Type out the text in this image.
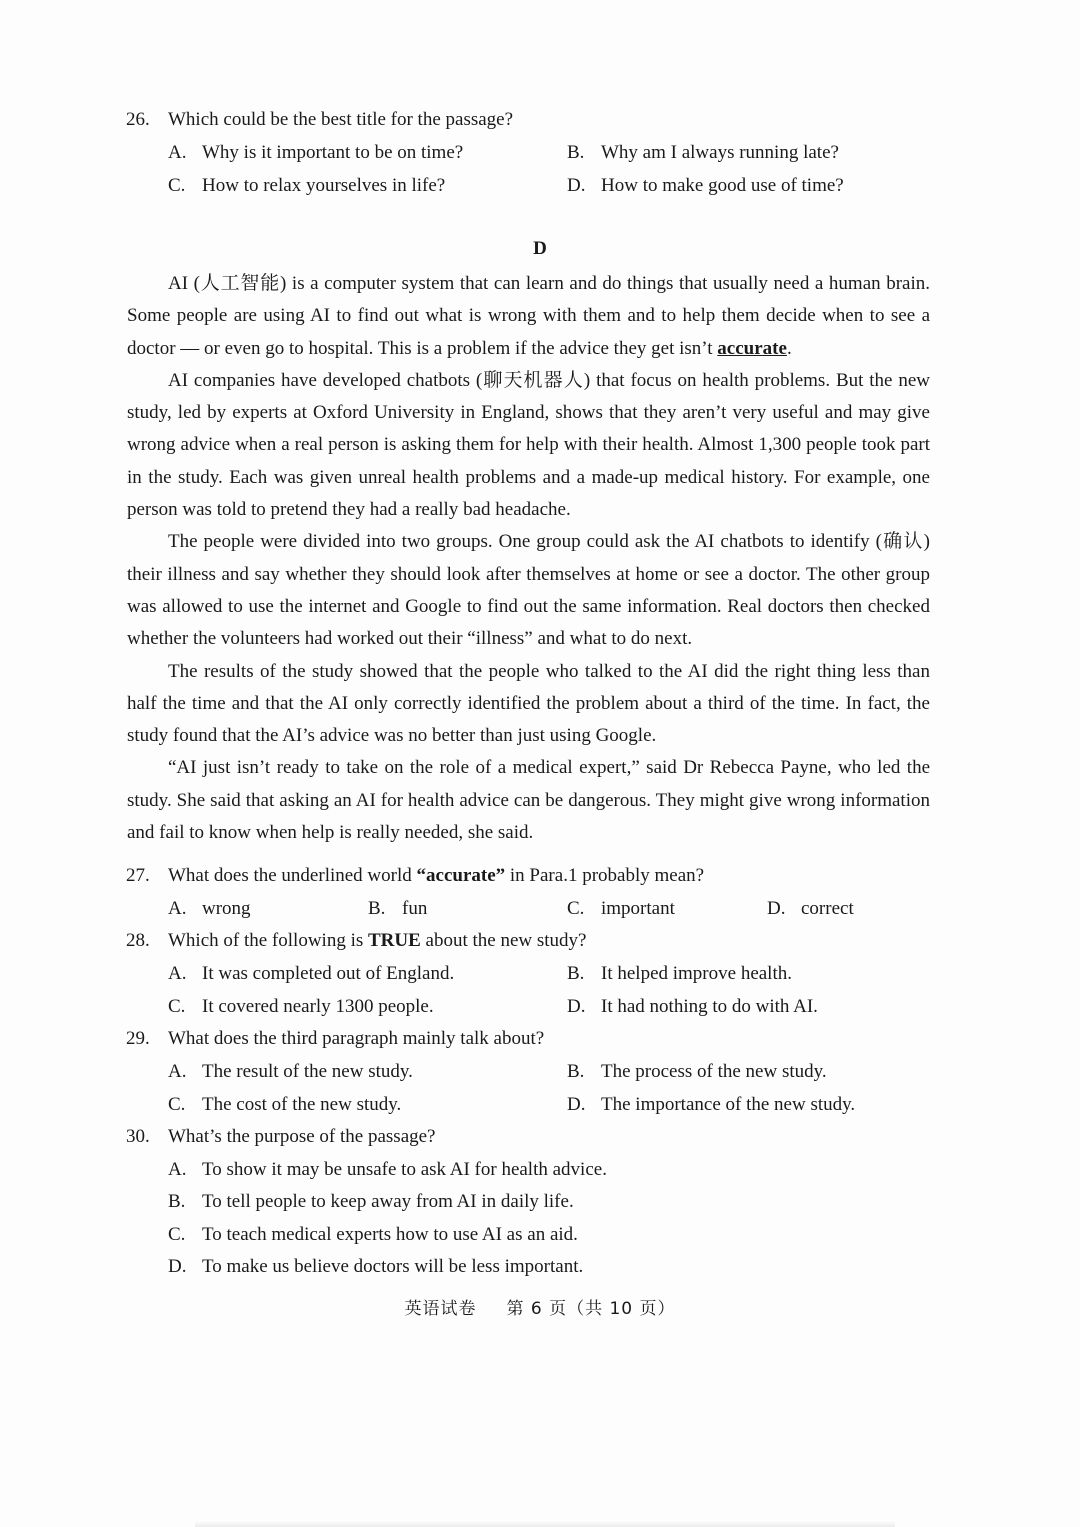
26. Which could be the best title for the passage?
A. Why is it important to be on time?	B. Why am I always running late?
C. How to relax yourselves in life?	D. How to make good use of time?
D

AI (人工智能) is a computer system that can learn and do things that usually need a human brain. Some people are using AI to find out what is wrong with them and to help them decide when to see a doctor — or even go to hospital. This is a problem if the advice they get isn’t accurate.

AI companies have developed chatbots (聊天机器人) that focus on health problems. But the new study, led by experts at Oxford University in England, shows that they aren’t very useful and may give wrong advice when a real person is asking them for help with their health. Almost 1,300 people took part in the study. Each was given unreal health problems and a made-up medical history. For example, one person was told to pretend they had a really bad headache.

The people were divided into two groups. One group could ask the AI chatbots to identify (确认) their illness and say whether they should look after themselves at home or see a doctor. The other group was allowed to use the internet and Google to find out the same information. Real doctors then checked whether the volunteers had worked out their “illness” and what to do next.

The results of the study showed that the people who talked to the AI did the right thing less than half the time and that the AI only correctly identified the problem about a third of the time. In fact, the study found that the AI’s advice was no better than just using Google.

“AI just isn’t ready to take on the role of a medical expert,” said Dr Rebecca Payne, who led the study. She said that asking an AI for health advice can be dangerous. They might give wrong information and fail to know when help is really needed, she said.

27. What does the underlined world “accurate” in Para.1 probably mean?
A. wrong	B. fun	C. important	D. correct
28. Which of the following is TRUE about the new study?
A. It was completed out of England.	B. It helped improve health.
C. It covered nearly 1300 people.	D. It had nothing to do with AI.
29. What does the third paragraph mainly talk about?
A. The result of the new study.	B. The process of the new study.
C. The cost of the new study.	D. The importance of the new study.
30. What’s the purpose of the passage?
A. To show it may be unsafe to ask AI for health advice.
B. To tell people to keep away from AI in daily life.
C. To teach medical experts how to use AI as an aid.
D. To make us believe doctors will be less important.
英语试卷 第 6 页（共 10 页）
